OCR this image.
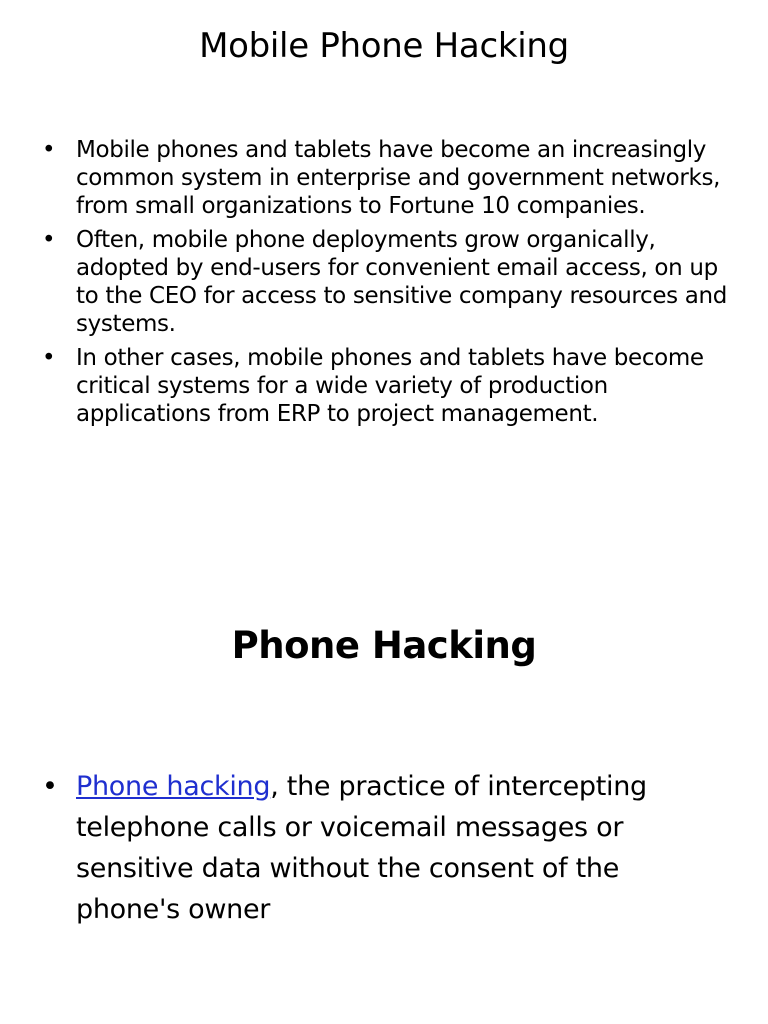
Mobile Phone Hacking
• Mobile phones and tablets have become an increasingly common system in enterprise and government networks, from small organizations to Fortune 10 companies.
• Often, mobile phone deployments grow organically, adopted by end-users for convenient email access, on up to the CEO for access to sensitive company resources and systems.
• In other cases, mobile phones and tablets have become critical systems for a wide variety of production applications from ERP to project management.
Phone Hacking
• Phone hacking, the practice of intercepting telephone calls or voicemail messages or sensitive data without the consent of the phone's owner
